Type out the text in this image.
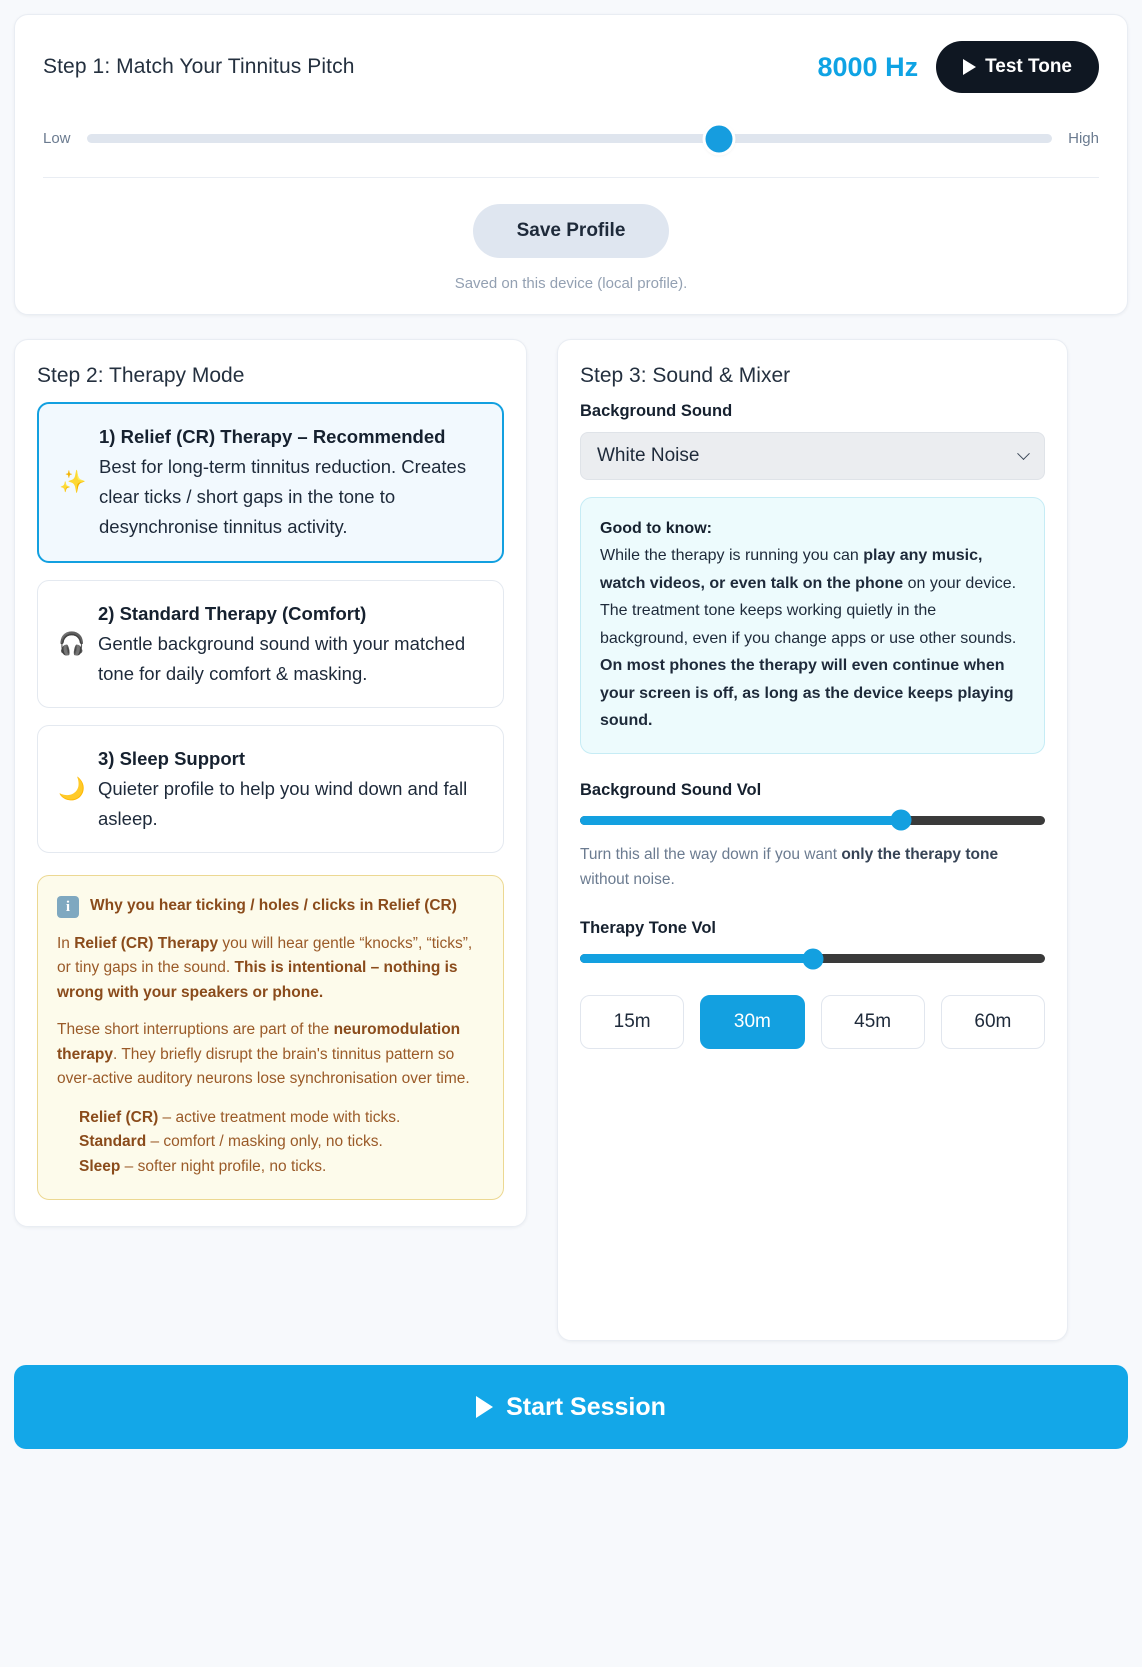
Step 1: Match Your Tinnitus Pitch	8000 Hz	Test Tone
Low	High
Save Profile
Saved on this device (local profile).
Step 2: Therapy Mode
✨
1) Relief (CR) Therapy – Recommended
Best for long-term tinnitus reduction. Creates clear ticks / short gaps in the tone to desynchronise tinnitus activity.
🎧
2) Standard Therapy (Comfort)
Gentle background sound with your matched tone for daily comfort & masking.
🌙
3) Sleep Support
Quieter profile to help you wind down and fall asleep.
i	Why you hear ticking / holes / clicks in Relief (CR)
In Relief (CR) Therapy you will hear gentle “knocks”, “ticks”, or tiny gaps in the sound. This is intentional – nothing is wrong with your speakers or phone.
These short interruptions are part of the neuromodulation therapy. They briefly disrupt the brain's tinnitus pattern so over-active auditory neurons lose synchronisation over time.
Relief (CR) – active treatment mode with ticks.
Standard – comfort / masking only, no ticks.
Sleep – softer night profile, no ticks.
Step 3: Sound & Mixer
Background Sound
White Noise
Good to know:
While the therapy is running you can play any music, watch videos, or even talk on the phone on your device. The treatment tone keeps working quietly in the background, even if you change apps or use other sounds. On most phones the therapy will even continue when your screen is off, as long as the device keeps playing sound.
Background Sound Vol
Turn this all the way down if you want only the therapy tone without noise.
Therapy Tone Vol
15m	30m	45m	60m
Start Session
